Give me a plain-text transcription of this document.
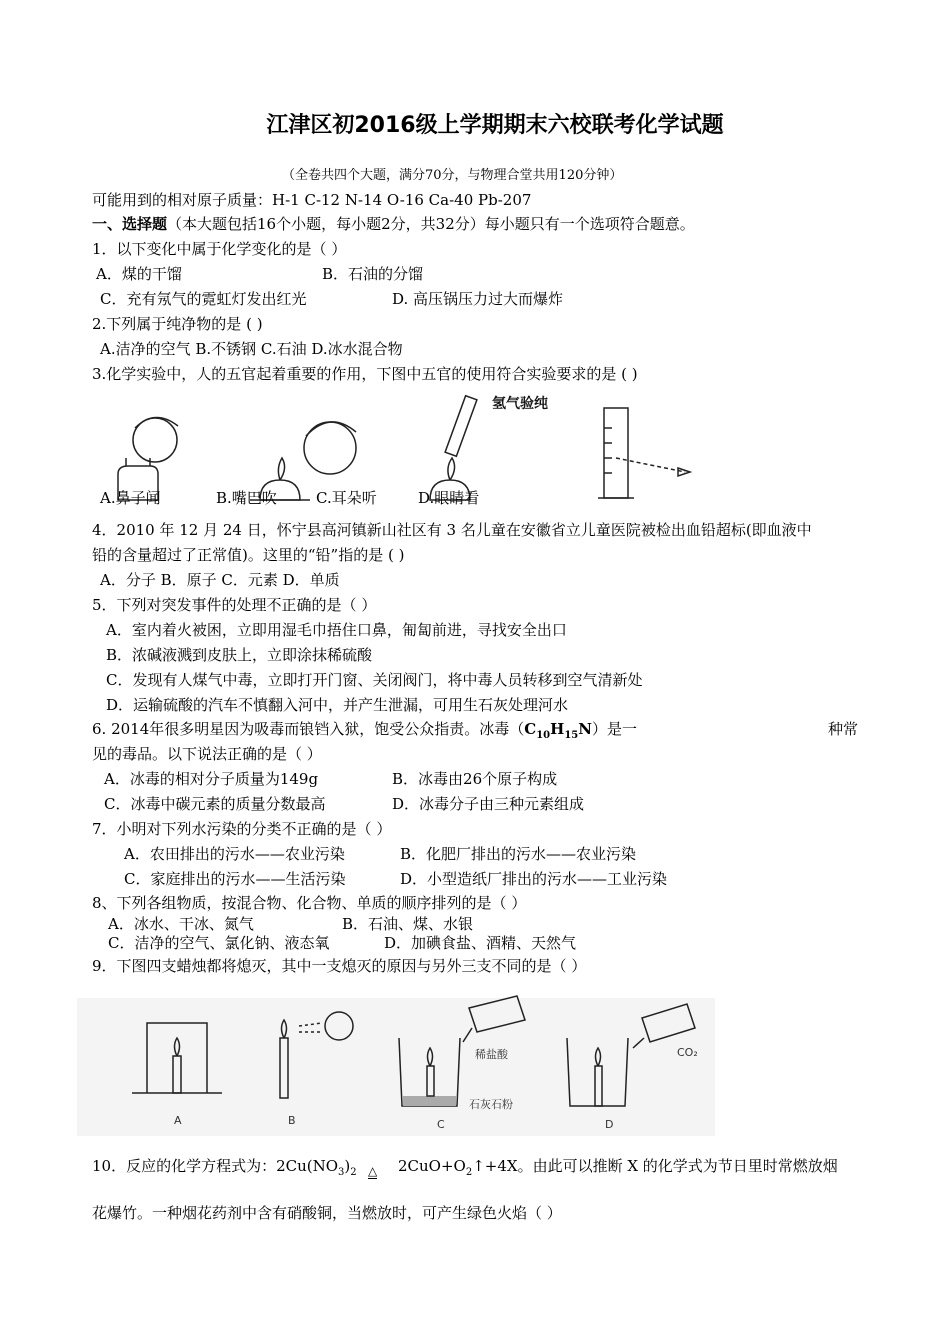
江津区初2016级上学期期末六校联考化学试题
（全卷共四个大题，满分70分，与物理合堂共用120分钟）
可能用到的相对原子质量：H-1 C-12 N-14 O-16 Ca-40 Pb-207
一、选择题（本大题包括16个小题，每小题2分，共32分）每小题只有一个选项符合题意。
1．以下变化中属于化学变化的是（ ）
A．煤的干馏	B．石油的分馏
C．充有氖气的霓虹灯发出红光	D. 高压锅压力过大而爆炸
2.下列属于纯净物的是 ( )
A.洁净的空气 B.不锈钢 C.石油 D.冰水混合物
3.化学实验中，人的五官起着重要的作用，下图中五官的使用符合实验要求的是 ( )
氢气验纯
A.鼻子闻	B.嘴巴吹	C.耳朵听	D.眼睛看
4．2010 年 12 月 24 日，怀宁县高河镇新山社区有 3 名儿童在安徽省立儿童医院被检出血铅超标(即血液中
铅的含量超过了正常值)。这里的“铅”指的是 ( )
A．分子 B．原子 C．元素 D．单质
5．下列对突发事件的处理不正确的是（ ）
A．室内着火被困，立即用湿毛巾捂住口鼻，匍匐前进，寻找安全出口
B．浓碱液溅到皮肤上，立即涂抹稀硫酸
C．发现有人煤气中毒，立即打开门窗、关闭阀门，将中毒人员转移到空气清新处
D．运输硫酸的汽车不慎翻入河中，并产生泄漏，可用生石灰处理河水
6. 2014年很多明星因为吸毒而锒铛入狱，饱受公众指责。冰毒$(C_{10}H_{15}N)$是一	种常
见的毒品。以下说法正确的是（ ）
A．冰毒的相对分子质量为149g	B．冰毒由26个原子构成
C．冰毒中碳元素的质量分数最高	D．冰毒分子由三种元素组成
7．小明对下列水污染的分类不正确的是（ ）
A．农田排出的污水——农业污染	B．化肥厂排出的污水——农业污染
C．家庭排出的污水——生活污染	D．小型造纸厂排出的污水——工业污染
8、下列各组物质，按混合物、化合物、单质的顺序排列的是（ ）
A．冰水、干冰、氮气	B．石油、煤、水银
C．洁净的空气、氯化钠、液态氧	D．加碘食盐、酒精、天然气
9．下图四支蜡烛都将熄灭，其中一支熄灭的原因与另外三支不同的是（ ）
A	B
稀盐酸
石灰石粉
C
CO₂
D
10．反应的化学方程式为：$2Cu(NO_3)_2$ △ $2CuO+O_2↑+4X$。由此可以推断 X 的化学式为节日里时常燃放烟
花爆竹。一种烟花药剂中含有硝酸铜，当燃放时，可产生绿色火焰（ ）
